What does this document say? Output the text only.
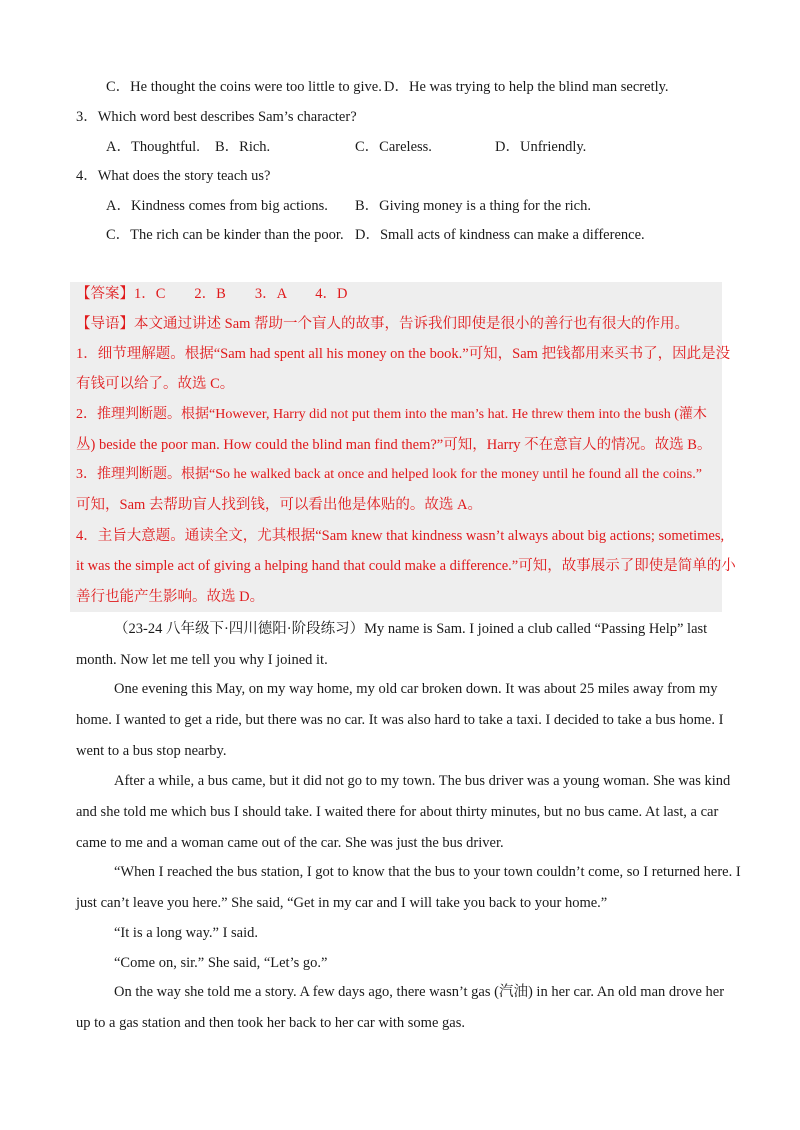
C．He thought the coins were too little to give. D．He was trying to help the blind man secretly.
3．Which word best describes Sam’s character?
A．Thoughtful. B．Rich.	C．Careless.	D．Unfriendly.
4．What does the story teach us?
A．Kindness comes from big actions. B．Giving money is a thing for the rich.
C．The rich can be kinder than the poor. D．Small acts of kindness can make a difference.
【答案】1．C　　2．B　　3．A　　4．D
【导语】本文通过讲述 Sam 帮助一个盲人的故事，告诉我们即使是很小的善行也有很大的作用。
1．细节理解题。根据“Sam had spent all his money on the book.”可知，Sam 把钱都用来买书了，因此是没
有钱可以给了。故选 C。
2．推理判断题。根据“However, Harry did not put them into the man’s hat. He threw them into the bush (灌木
丛) beside the poor man. How could the blind man find them?”可知，Harry 不在意盲人的情况。故选 B。
3．推理判断题。根据“So he walked back at once and helped look for the money until he found all the coins.”
可知，Sam 去帮助盲人找到钱，可以看出他是体贴的。故选 A。
4．主旨大意题。通读全文，尤其根据“Sam knew that kindness wasn’t always about big actions; sometimes,
it was the simple act of giving a helping hand that could make a difference.”可知，故事展示了即使是简单的小
善行也能产生影响。故选 D。
（23-24 八年级下·四川德阳·阶段练习）My name is Sam. I joined a club called “Passing Help” last
month. Now let me tell you why I joined it.
One evening this May, on my way home, my old car broken down. It was about 25 miles away from my
home. I wanted to get a ride, but there was no car. It was also hard to take a taxi. I decided to take a bus home. I
went to a bus stop nearby.
After a while, a bus came, but it did not go to my town. The bus driver was a young woman. She was kind
and she told me which bus I should take. I waited there for about thirty minutes, but no bus came. At last, a car
came to me and a woman came out of the car. She was just the bus driver.
“When I reached the bus station, I got to know that the bus to your town couldn’t come, so I returned here. I
just can’t leave you here.” She said, “Get in my car and I will take you back to your home.”
“It is a long way.” I said.
“Come on, sir.” She said, “Let’s go.”
On the way she told me a story. A few days ago, there wasn’t gas (汽油) in her car. An old man drove her
up to a gas station and then took her back to her car with some gas.
